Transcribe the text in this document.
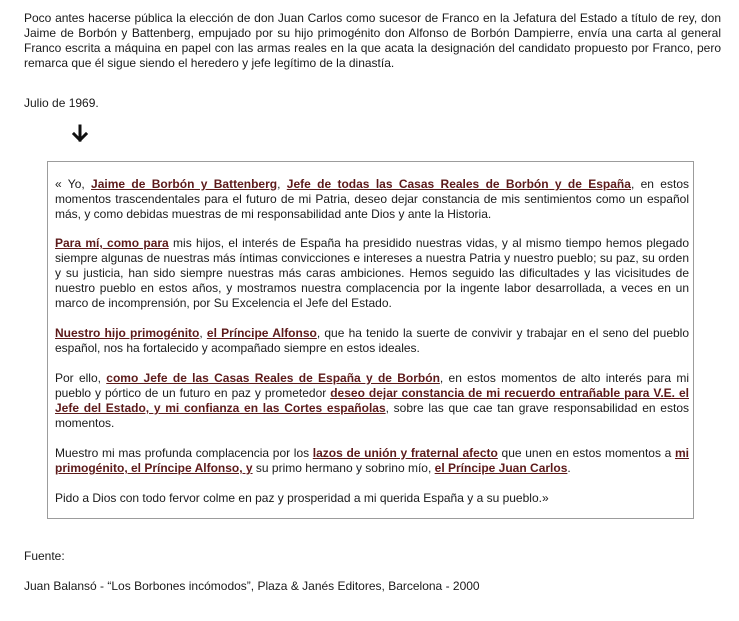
Poco antes hacerse pública la elección de don Juan Carlos como sucesor de Franco en la Jefatura del Estado a título de rey, don Jaime de Borbón y Battenberg, empujado por su hijo primogénito don Alfonso de Borbón Dampierre, envía una carta al general Franco escrita a máquina en papel con las armas reales en la que acata la designación del candidato propuesto por Franco, pero remarca que él sigue siendo el heredero y jefe legítimo de la dinastía.

Julio de 1969.

« Yo, Jaime de Borbón y Battenberg, Jefe de todas las Casas Reales de Borbón y de España, en estos momentos trascendentales para el futuro de mi Patria, deseo dejar constancia de mis sentimientos como un español más, y como debidas muestras de mi responsabilidad ante Dios y ante la Historia.

Para mí, como para mis hijos, el interés de España ha presidido nuestras vidas, y al mismo tiempo hemos plegado siempre algunas de nuestras más íntimas convicciones e intereses a nuestra Patria y nuestro pueblo; su paz, su orden y su justicia, han sido siempre nuestras más caras ambiciones. Hemos seguido las dificultades y las vicisitudes de nuestro pueblo en estos años, y mostramos nuestra complacencia por la ingente labor desarrollada, a veces en un marco de incomprensión, por Su Excelencia el Jefe del Estado.

Nuestro hijo primogénito, el Príncipe Alfonso, que ha tenido la suerte de convivir y trabajar en el seno del pueblo español, nos ha fortalecido y acompañado siempre en estos ideales.

Por ello, como Jefe de las Casas Reales de España y de Borbón, en estos momentos de alto interés para mi pueblo y pórtico de un futuro en paz y prometedor deseo dejar constancia de mi recuerdo entrañable para V.E. el Jefe del Estado, y mi confianza en las Cortes españolas, sobre las que cae tan grave responsabilidad en estos momentos.

Muestro mi mas profunda complacencia por los lazos de unión y fraternal afecto que unen en estos momentos a mi primogénito, el Príncipe Alfonso, y su primo hermano y sobrino mío, el Príncipe Juan Carlos.

Pido a Dios con todo fervor colme en paz y prosperidad a mi querida España y a su pueblo.»

Fuente:

Juan Balansó - “Los Borbones incómodos”, Plaza & Janés Editores, Barcelona - 2000
